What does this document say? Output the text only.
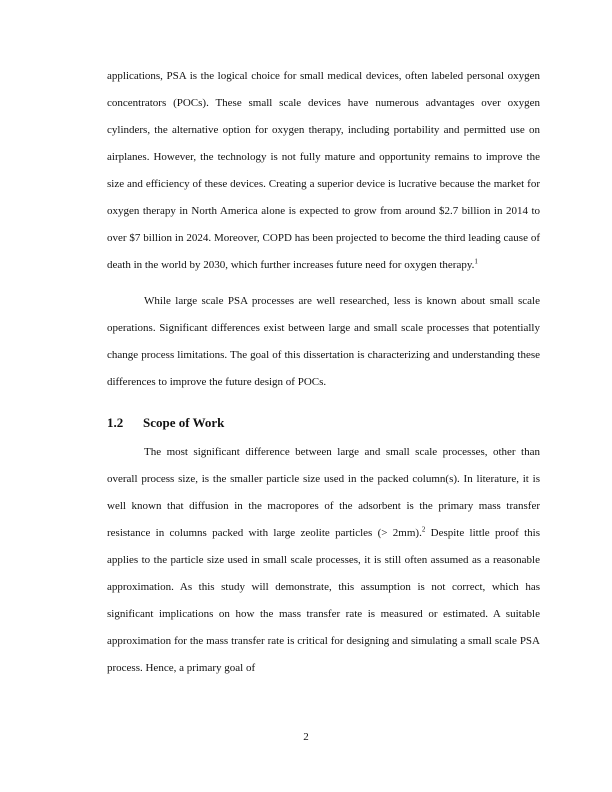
applications, PSA is the logical choice for small medical devices, often labeled personal oxygen concentrators (POCs). These small scale devices have numerous advantages over oxygen cylinders, the alternative option for oxygen therapy, including portability and permitted use on airplanes. However, the technology is not fully mature and opportunity remains to improve the size and efficiency of these devices. Creating a superior device is lucrative because the market for oxygen therapy in North America alone is expected to grow from around $2.7 billion in 2014 to over $7 billion in 2024. Moreover, COPD has been projected to become the third leading cause of death in the world by 2030, which further increases future need for oxygen therapy.$^1$

While large scale PSA processes are well researched, less is known about small scale operations. Significant differences exist between large and small scale processes that potentially change process limitations. The goal of this dissertation is characterizing and understanding these differences to improve the future design of POCs.

1.2 Scope of Work

The most significant difference between large and small scale processes, other than overall process size, is the smaller particle size used in the packed column(s). In literature, it is well known that diffusion in the macropores of the adsorbent is the primary mass transfer resistance in columns packed with large zeolite particles (> 2mm).$^2$ Despite little proof this applies to the particle size used in small scale processes, it is still often assumed as a reasonable approximation. As this study will demonstrate, this assumption is not correct, which has significant implications on how the mass transfer rate is measured or estimated. A suitable approximation for the mass transfer rate is critical for designing and simulating a small scale PSA process. Hence, a primary goal of

2
